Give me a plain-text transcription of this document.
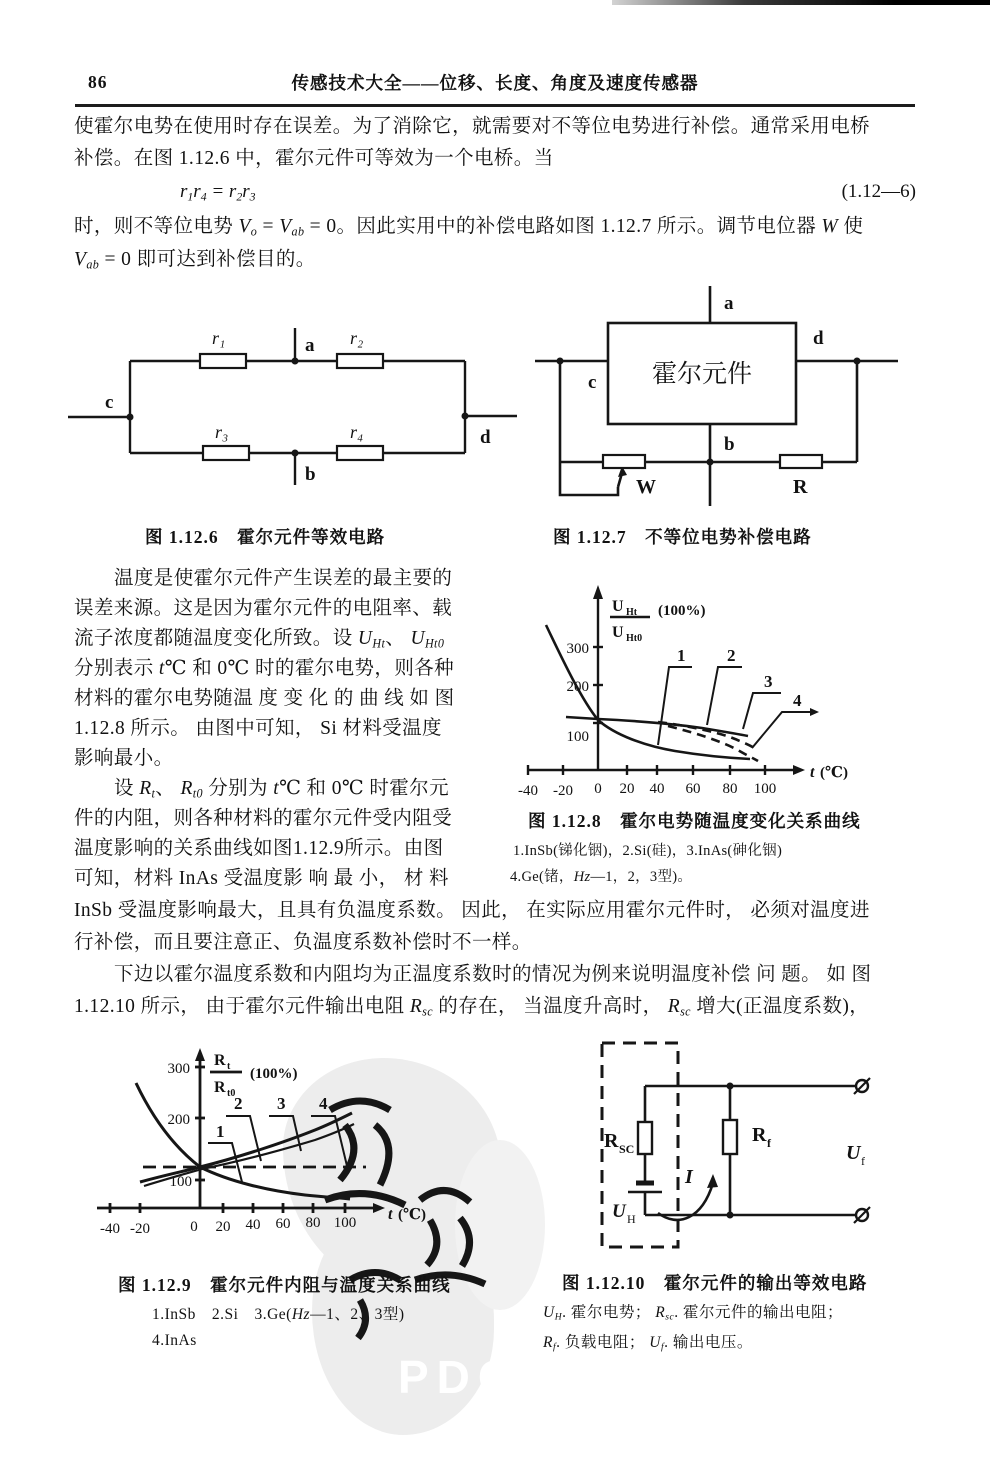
PDG
86	传感技术大全——位移、长度、角度及速度传感器
使霍尔电势在使用时存在误差。为了消除它，就需要对不等位电势进行补偿。通常采用电桥
补偿。在图 1.12.6 中，霍尔元件可等效为一个电桥。当
r1r4 = r2r3	(1.12—6)
时，则不等位电势 Vo = Vab = 0。因此实用中的补偿电路如图 1.12.7 所示。调节电位器 W 使
Vab = 0 即可达到补偿目的。
r₁	r₂
r₃	r₄
a
b
c
d
图 1.12.6　霍尔元件等效电路
霍尔元件
a
b
c
d
W	R
图 1.12.7　不等位电势补偿电路
温度是使霍尔元件产生误差的最主要的
误差来源。这是因为霍尔元件的电阻率、载
流子浓度都随温度变化所致。设 UHt、 UHt0
分别表示 t℃ 和 0℃ 时的霍尔电势，则各种
材料的霍尔电势随温 度 变 化 的 曲 线 如 图
1.12.8 所示。 由图中可知， Si 材料受温度
影响最小。
设 Rt、 Rt0 分别为 t℃ 和 0℃ 时霍尔元
件的内阻，则各种材料的霍尔元件受内阻受
温度影响的关系曲线如图1.12.9所示。由图
可知，材料 InAs 受温度影 响 最 小， 材 料
1 2
3
4
U Ht
U Ht0
(100%)
300
200
100
-40 -20 0 20 40 60 80 100
t (℃)
图 1.12.8　霍尔电势随温度变化关系曲线
1.InSb(锑化铟)，2.Si(硅)，3.InAs(砷化铟)
4.Ge(锗，Hz—1，2，3型)。
InSb 受温度影响最大，且具有负温度系数。 因此， 在实际应用霍尔元件时， 必须对温度进
行补偿，而且要注意正、负温度系数补偿时不一样。
下边以霍尔温度系数和内阻均为正温度系数时的情况为例来说明温度补偿 问 题。 如 图
1.12.10 所示， 由于霍尔元件输出电阻 Rsc 的存在， 当温度升高时， Rsc 增大(正温度系数)，
1
2 3 4
R t
R t0
(100%)
300
200
100
-40 -20	0 20 40 60 80 100 t (℃)
图 1.12.9　霍尔元件内阻与温度关系曲线
1.InSb　2.Si　3.Ge(Hz—1、2、3型)
4.InAs
R SC
R f
U H
I
U f
图 1.12.10　霍尔元件的输出等效电路
UH. 霍尔电势； Rsc. 霍尔元件的输出电阻；
Rf. 负载电阻； Uf. 输出电压。
